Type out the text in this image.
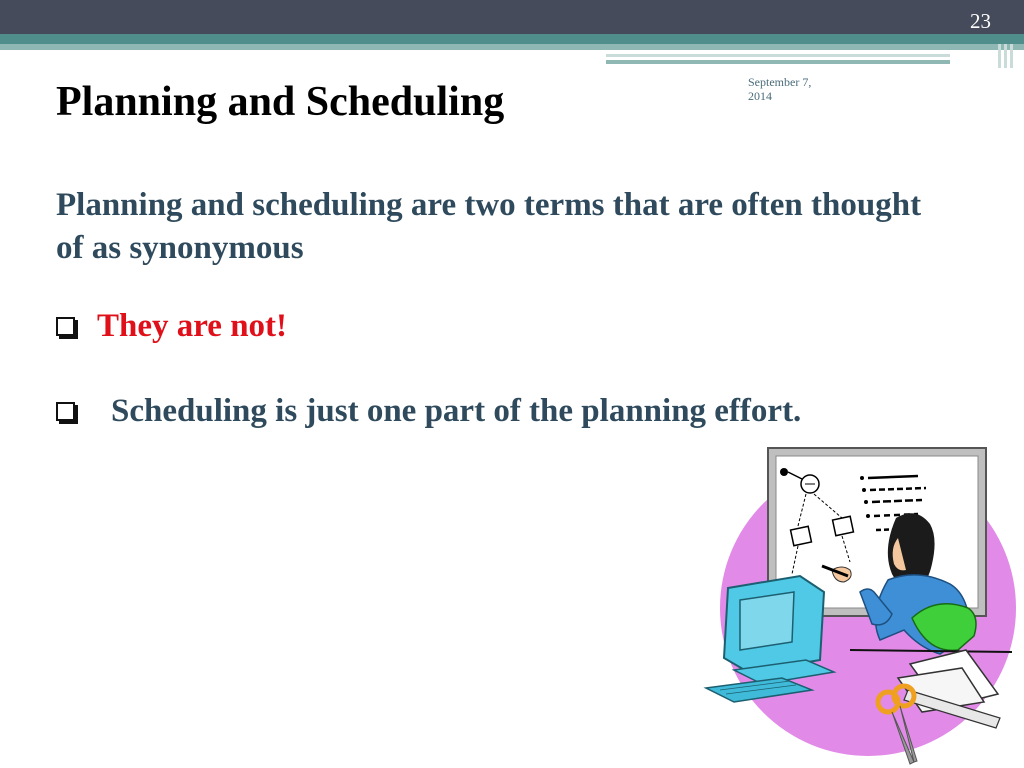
23
September 7,
2014
Planning and Scheduling

Planning and scheduling are two terms that are often thought of as synonymous

They are not!
Scheduling is just one part of the planning effort.
